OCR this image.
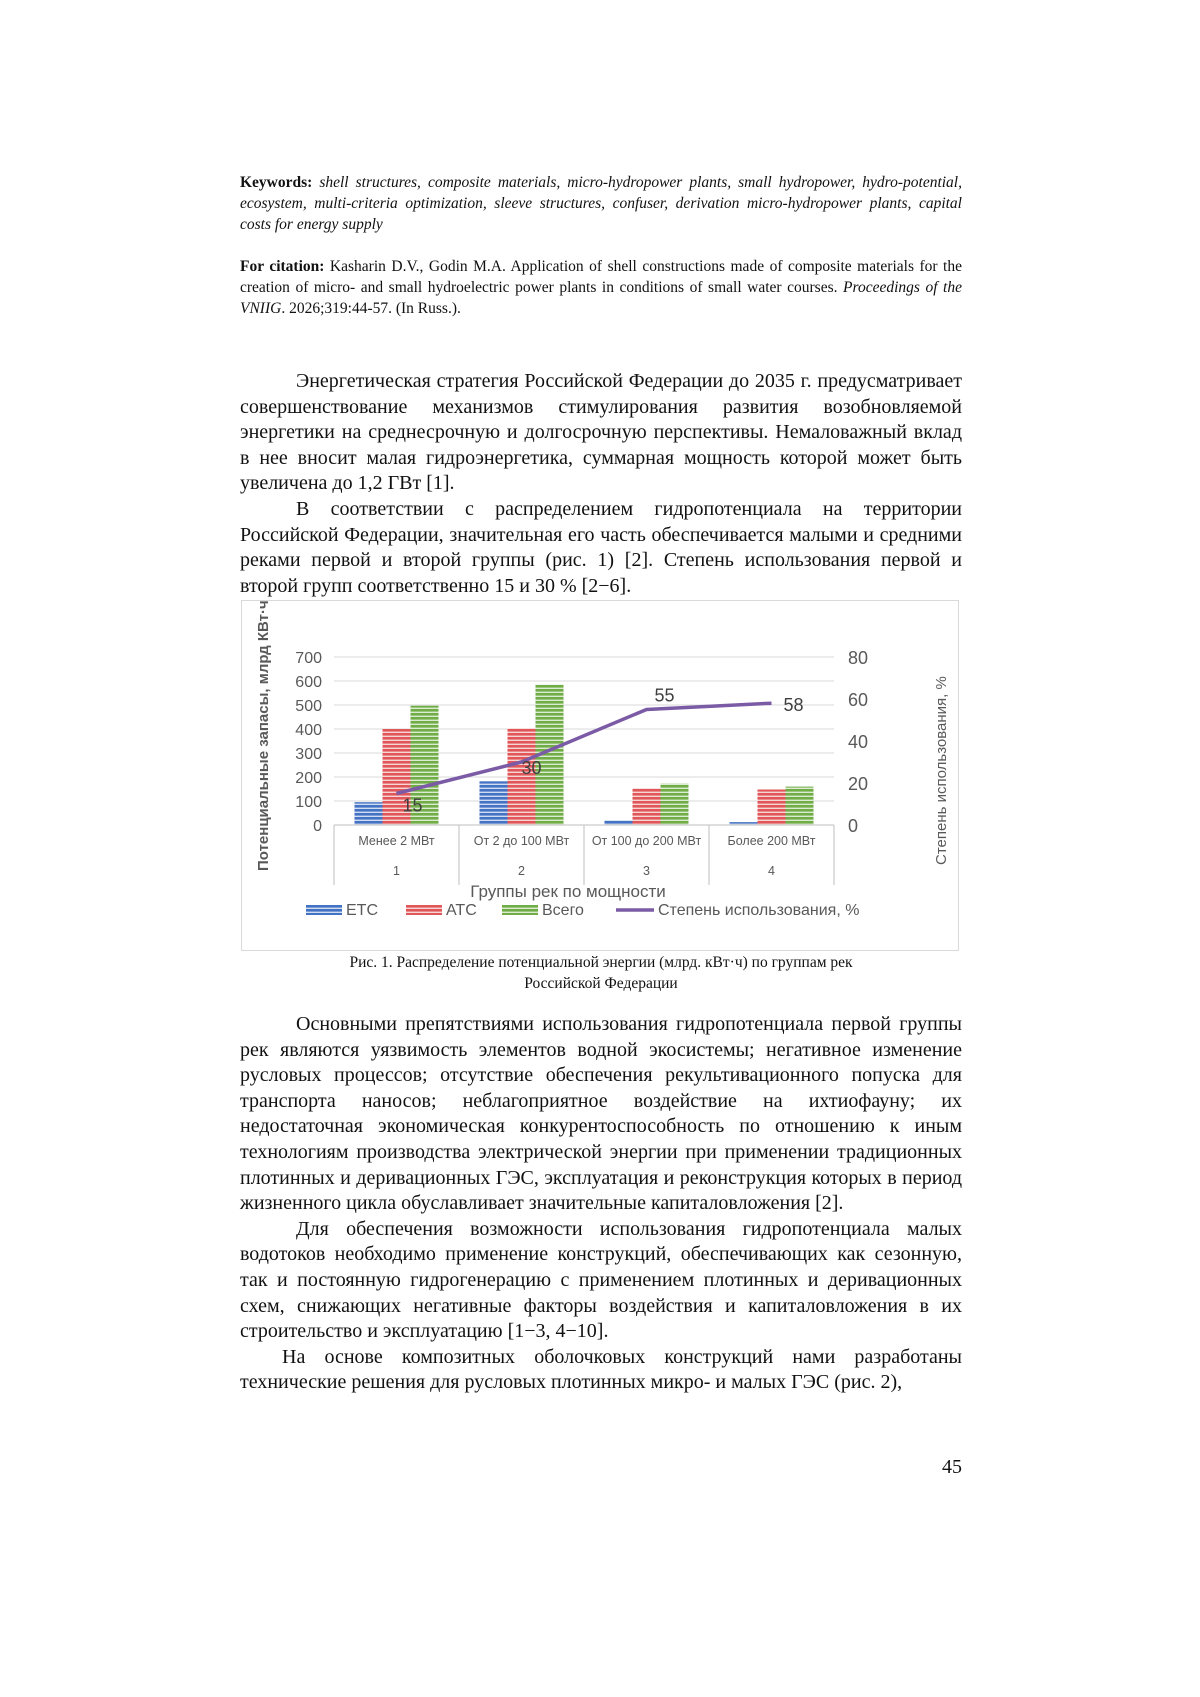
Keywords: shell structures, composite materials, micro-hydropower plants, small hydropower, hydro-potential, ecosystem, multi-criteria optimization, sleeve structures, confuser, derivation micro-hydropower plants, capital costs for energy supply
For citation: Kasharin D.V., Godin M.A. Application of shell constructions made of composite materials for the creation of micro- and small hydroelectric power plants in conditions of small water courses. Proceedings of the VNIIG. 2026;319:44-57. (In Russ.).

Энергетическая стратегия Российской Федерации до 2035 г. предусматривает совершенствование механизмов стимулирования развития возобновляемой энергетики на среднесрочную и долгосрочную перспективы. Немаловажный вклад в нее вносит малая гидроэнергетика, суммарная мощность которой может быть увеличена до 1,2 ГВт [1].

В соответствии с распределением гидропотенциала на территории Российской Федерации, значительная его часть обеспечивается малыми и средними реками первой и второй группы (рис. 1) [2]. Степень использования первой и второй групп соответственно 15 и 30 % [2−6].

0
100
200
300
400
500
600
700
0
20
40
60
80
Менее 2 МВт
1
От 2 до 100 МВт
2
От 100 до 200 МВт
3
Более 200 МВт
4
15
30
55	58
ЕТС	АТС	Всего	Степень использования, %
Потенциальные запасы, млрд КВт·ч	Степень использования, %
Группы рек по мощности
Рис. 1. Распределение потенциальной энергии (млрд. кВт·ч) по группам рек
Российской Федерации

Основными препятствиями использования гидропотенциала первой группы рек являются уязвимость элементов водной экосистемы; негативное изменение русловых процессов; отсутствие обеспечения рекультивационного попуска для транспорта наносов; неблагоприятное воздействие на ихтиофауну; их недостаточная экономическая конкурентоспособность по отношению к иным технологиям производства электрической энергии при применении традиционных плотинных и деривационных ГЭС, эксплуатация и реконструкция которых в период жизненного цикла обуславливает значительные капиталовложения [2].

Для обеспечения возможности использования гидропотенциала малых водотоков необходимо применение конструкций, обеспечивающих как сезонную, так и постоянную гидрогенерацию с применением плотинных и деривационных схем, снижающих негативные факторы воздействия и капиталовложения в их строительство и эксплуатацию [1−3, 4−10].

На основе композитных оболочковых конструкций нами разработаны технические решения для русловых плотинных микро- и малых ГЭС (рис. 2),

45
